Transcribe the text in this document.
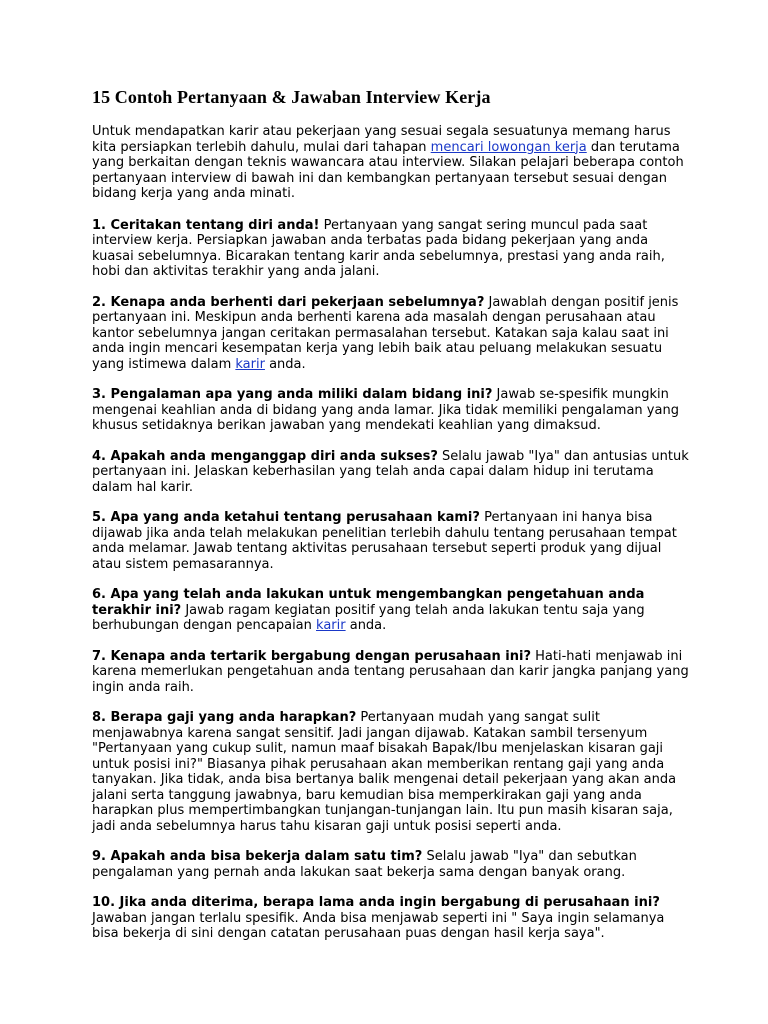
15 Contoh Pertanyaan & Jawaban Interview Kerja

Untuk mendapatkan karir atau pekerjaan yang sesuai segala sesuatunya memang harus kita persiapkan terlebih dahulu, mulai dari tahapan mencari lowongan kerja dan terutama yang berkaitan dengan teknis wawancara atau interview. Silakan pelajari beberapa contoh pertanyaan interview di bawah ini dan kembangkan pertanyaan tersebut sesuai dengan bidang kerja yang anda minati.

1. Ceritakan tentang diri anda! Pertanyaan yang sangat sering muncul pada saat interview kerja. Persiapkan jawaban anda terbatas pada bidang pekerjaan yang anda kuasai sebelumnya. Bicarakan tentang karir anda sebelumnya, prestasi yang anda raih, hobi dan aktivitas terakhir yang anda jalani.

2. Kenapa anda berhenti dari pekerjaan sebelumnya? Jawablah dengan positif jenis pertanyaan ini. Meskipun anda berhenti karena ada masalah dengan perusahaan atau kantor sebelumnya jangan ceritakan permasalahan tersebut. Katakan saja kalau saat ini anda ingin mencari kesempatan kerja yang lebih baik atau peluang melakukan sesuatu yang istimewa dalam karir anda.

3. Pengalaman apa yang anda miliki dalam bidang ini? Jawab se-spesifik mungkin mengenai keahlian anda di bidang yang anda lamar. Jika tidak memiliki pengalaman yang khusus setidaknya berikan jawaban yang mendekati keahlian yang dimaksud.

4. Apakah anda menganggap diri anda sukses? Selalu jawab "Iya" dan antusias untuk pertanyaan ini. Jelaskan keberhasilan yang telah anda capai dalam hidup ini terutama dalam hal karir.

5. Apa yang anda ketahui tentang perusahaan kami? Pertanyaan ini hanya bisa dijawab jika anda telah melakukan penelitian terlebih dahulu tentang perusahaan tempat anda melamar. Jawab tentang aktivitas perusahaan tersebut seperti produk yang dijual atau sistem pemasarannya.

6. Apa yang telah anda lakukan untuk mengembangkan pengetahuan anda terakhir ini? Jawab ragam kegiatan positif yang telah anda lakukan tentu saja yang berhubungan dengan pencapaian karir anda.

7. Kenapa anda tertarik bergabung dengan perusahaan ini? Hati-hati menjawab ini karena memerlukan pengetahuan anda tentang perusahaan dan karir jangka panjang yang ingin anda raih.

8. Berapa gaji yang anda harapkan? Pertanyaan mudah yang sangat sulit menjawabnya karena sangat sensitif. Jadi jangan dijawab. Katakan sambil tersenyum "Pertanyaan yang cukup sulit, namun maaf bisakah Bapak/Ibu menjelaskan kisaran gaji untuk posisi ini?" Biasanya pihak perusahaan akan memberikan rentang gaji yang anda tanyakan. Jika tidak, anda bisa bertanya balik mengenai detail pekerjaan yang akan anda jalani serta tanggung jawabnya, baru kemudian bisa memperkirakan gaji yang anda harapkan plus mempertimbangkan tunjangan-tunjangan lain. Itu pun masih kisaran saja, jadi anda sebelumnya harus tahu kisaran gaji untuk posisi seperti anda.

9. Apakah anda bisa bekerja dalam satu tim? Selalu jawab "Iya" dan sebutkan pengalaman yang pernah anda lakukan saat bekerja sama dengan banyak orang.

10. Jika anda diterima, berapa lama anda ingin bergabung di perusahaan ini? Jawaban jangan terlalu spesifik. Anda bisa menjawab seperti ini " Saya ingin selamanya bisa bekerja di sini dengan catatan perusahaan puas dengan hasil kerja saya".
